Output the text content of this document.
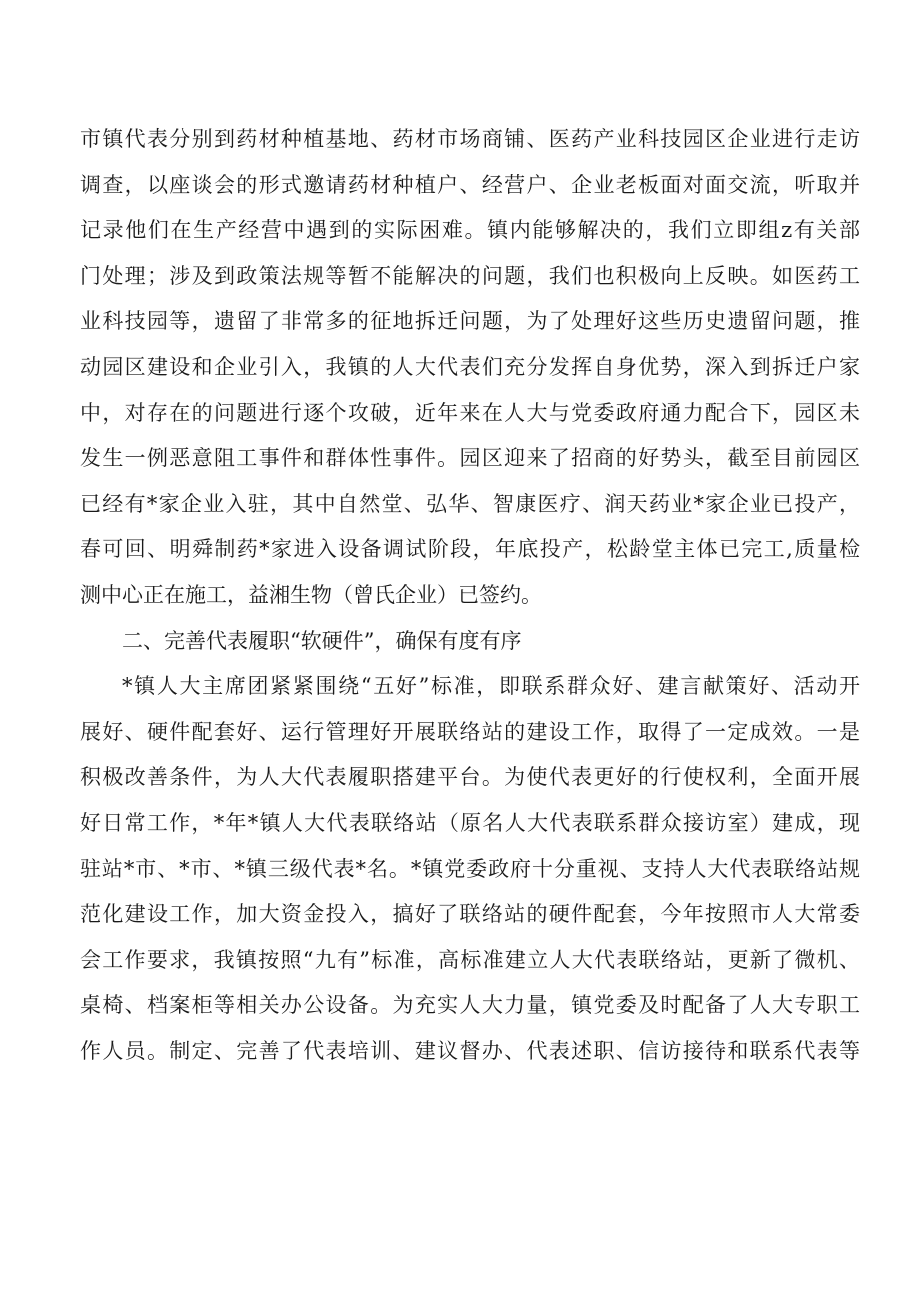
市镇代表分别到药材种植基地、药材市场商铺、医药产业科技园区企业进行走访
调查，以座谈会的形式邀请药材种植户、经营户、企业老板面对面交流，听取并
记录他们在生产经营中遇到的实际困难。镇内能够解决的，我们立即组z有关部
门处理；涉及到政策法规等暂不能解决的问题，我们也积极向上反映。如医药工
业科技园等，遗留了非常多的征地拆迁问题，为了处理好这些历史遗留问题，推
动园区建设和企业引入，我镇的人大代表们充分发挥自身优势，深入到拆迁户家
中，对存在的问题进行逐个攻破，近年来在人大与党委政府通力配合下，园区未
发生一例恶意阻工事件和群体性事件。园区迎来了招商的好势头，截至目前园区
已经有*家企业入驻，其中自然堂、弘华、智康医疗、润天药业*家企业已投产，
春可回、明舜制药*家进入设备调试阶段，年底投产，松龄堂主体已完工,质量检
测中心正在施工，益湘生物（曾氏企业）已签约。
二、完善代表履职“软硬件”，确保有度有序
*镇人大主席团紧紧围绕“五好”标准，即联系群众好、建言献策好、活动开
展好、硬件配套好、运行管理好开展联络站的建设工作，取得了一定成效。一是
积极改善条件，为人大代表履职搭建平台。为使代表更好的行使权利，全面开展
好日常工作，*年*镇人大代表联络站（原名人大代表联系群众接访室）建成，现
驻站*市、*市、*镇三级代表*名。*镇党委政府十分重视、支持人大代表联络站规
范化建设工作，加大资金投入，搞好了联络站的硬件配套，今年按照市人大常委
会工作要求，我镇按照“九有”标准，高标准建立人大代表联络站，更新了微机、
桌椅、档案柜等相关办公设备。为充实人大力量，镇党委及时配备了人大专职工
作人员。制定、完善了代表培训、建议督办、代表述职、信访接待和联系代表等
